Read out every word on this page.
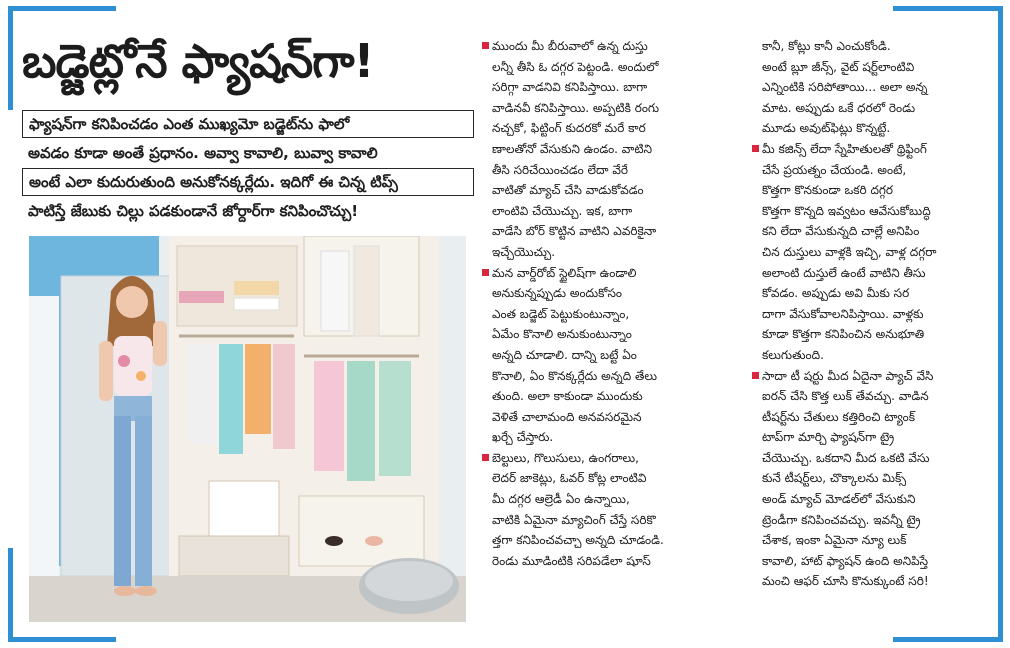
బడ్జెట్లోనే ఫ్యాషన్‌గా!
ఫ్యాషన్‌గా కనిపించడం ఎంత ముఖ్యమో బడ్జెట్‌ను ఫాలో
అవడం కూడా అంతే ప్రధానం. అవ్వా కావాలి, బువ్వా కావాలి
అంటే ఎలా కుదురుతుంది అనుకోనక్కర్లేదు. ఇదిగో ఈ చిన్న టిప్స్
పాటిస్తే జేబుకు చిల్లు పడకుండానే జోర్దార్‌గా కనిపించొచ్చు!
ముందు మీ బీరువాలో ఉన్న దుస్తు
లన్నీ తీసి ఓ దగ్గర పెట్టండి. అందులో
సరిగ్గా వాడనివి కనిపిస్తాయి. బాగా
వాడినవీ కనిపిస్తాయి. అప్పటికి రంగు
నచ్చకో, ఫిట్టింగ్ కుదరకో మరే కార
ణాలతోనో వేసుకుని ఉండం. వాటిని
తీసి సరిచేయించడం లేదా వేరే
వాటితో మ్యాచ్ చేసి వాడుకోవడం
లాంటివి చేయొచ్చు. ఇక, బాగా
వాడేసి బోర్ కొట్టిన వాటిని ఎవరికైనా
ఇచ్చేయొచ్చు.
మన వార్డ్‌రోబ్ స్టైలిష్‌గా ఉండాలి
అనుకున్నప్పుడు అందుకోసం
ఎంత బడ్జెట్ పెట్టుకుంటున్నాం,
ఏమేం కొనాలి అనుకుంటున్నాం
అన్నది చూడాలి. దాన్ని బట్టే ఏం
కొనాలి, ఏం కొనక్కర్లేదు అన్నది తేలు
తుంది. అలా కాకుండా ముందుకు
వెళితే చాలామంది అనవసరమైన
ఖర్చే చేస్తారు.
బెల్టులు, గొలుసులు, ఉంగరాలు,
లెదర్ జాకెట్లు, ఓవర్ కోట్ల లాంటివి
మీ దగ్గర ఆల్రెడీ ఏం ఉన్నాయి,
వాటికి ఏమైనా మ్యాచింగ్ చేస్తే సరికొ
త్తగా కనిపించవచ్చా అన్నది చూడండి.
రెండు మూడింటికి సరిపడేలా షూస్
కానీ, కోట్లు కానీ ఎంచుకోండి.
అంటే బ్లూ జీన్స్, వైట్ షర్ట్‌లాంటివి
ఎన్నింటికి సరిపోతాయి... అలా అన్న
మాట. అప్పుడు ఒకే ధరలో రెండు
మూడు అవుట్‌ఫిట్లు కొన్నట్టే.
మీ కజిన్స్ లేదా స్నేహితులతో థ్రిఫ్టింగ్
చేసే ప్రయత్నం చేయండి. అంటే,
కొత్తగా కొనకుండా ఒకరి దగ్గర
కొత్తగా కొన్నది ఇవ్వటం ఆవేసుకోబుద్ధి
కని లేదా వేసుకున్నది చాల్లే అనిపిం
చిన దుస్తులు వాళ్లకి ఇచ్చి, వాళ్ల దగ్గరా
అలాంటి దుస్తులే ఉంటే వాటిని తీసు
కోవడం. అప్పుడు అవి మీకు సర
దాగా వేసుకోవాలనిపిస్తాయి. వాళ్లకు
కూడా కొత్తగా కనిపించిన అనుభూతి
కలుగుతుంది.
సాదా టీ షర్టు మీద ఏదైనా ప్యాచ్ వేసి
ఐరన్ చేసి కొత్త లుక్ తేవచ్చు. వాడిన
టీషర్ట్‌ను చేతులు కత్తిరించి ట్యాంక్
టాప్‌గా మార్చి ఫ్యాషన్‌గా ట్రై
చేయొచ్చు. ఒకదాని మీద ఒకటి వేసు
కునే టీషర్ట్‌లు, చొక్కాలను మిక్స్
అండ్ మ్యాచ్ మోడల్‌లో వేసుకుని
ట్రెండీగా కనిపించవచ్చు. ఇవన్నీ ట్రై
చేశాక, ఇంకా ఏమైనా న్యూ లుక్
కావాలి, హాట్ ఫ్యాషన్ ఉంది అనిపిస్తే
మంచి ఆఫర్ చూసి కొనుక్కుంటే సరి!
